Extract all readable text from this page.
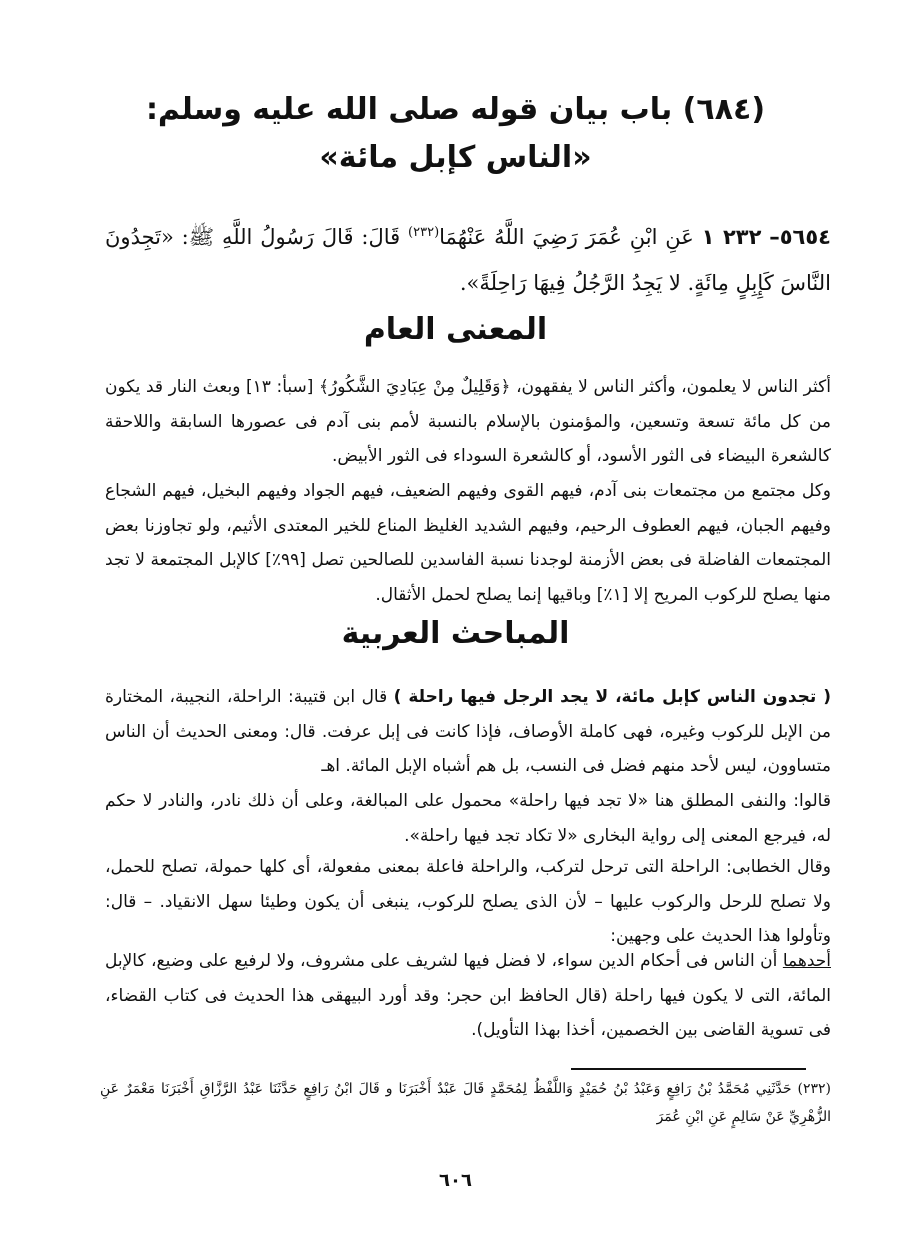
(٦٨٤) باب بيان قوله صلى الله عليه وسلم:
«الناس كإبل مائة»
٥٦٥٤– ٢٣٢ ١ عَنِ ابْنِ عُمَرَ رَضِيَ اللَّهُ عَنْهُمَا$^{(٢٣٢)}$ قَالَ: قَالَ رَسُولُ اللَّهِ ﷺ: «تَجِدُونَ النَّاسَ كَإِبِلٍ مِائَةٍ. لا يَجِدُ الرَّجُلُ فِيهَا رَاحِلَةً».
المعنى العام
أكثر الناس لا يعلمون، وأكثر الناس لا يفقهون، ﴿وَقَلِيلٌ مِنْ عِبَادِيَ الشَّكُورُ﴾ [سبأ: ١٣] وبعث النار قد يكون من كل مائة تسعة وتسعين، والمؤمنون بالإسلام بالنسبة لأمم بنى آدم فى عصورها السابقة واللاحقة كالشعرة البيضاء فى الثور الأسود، أو كالشعرة السوداء فى الثور الأبيض.
وكل مجتمع من مجتمعات بنى آدم، فيهم القوى وفيهم الضعيف، فيهم الجواد وفيهم البخيل، فيهم الشجاع وفيهم الجبان، فيهم العطوف الرحيم، وفيهم الشديد الغليظ المناع للخير المعتدى الأثيم، ولو تجاوزنا بعض المجتمعات الفاضلة فى بعض الأزمنة لوجدنا نسبة الفاسدين للصالحين تصل [٩٩٪] كالإبل المجتمعة لا تجد منها يصلح للركوب المريح إلا [١٪] وباقيها إنما يصلح لحمل الأثقال.
المباحث العربية
( تجدون الناس كإبل مائة، لا يجد الرجل فيها راحلة ) قال ابن قتيبة: الراحلة، النجيبة، المختارة من الإبل للركوب وغيره، فهى كاملة الأوصاف، فإذا كانت فى إبل عرفت. قال: ومعنى الحديث أن الناس متساوون، ليس لأحد منهم فضل فى النسب، بل هم أشباه الإبل المائة. اهـ
قالوا: والنفى المطلق هنا «لا تجد فيها راحلة» محمول على المبالغة، وعلى أن ذلك نادر، والنادر لا حكم له، فيرجع المعنى إلى رواية البخارى «لا تكاد تجد فيها راحلة».
وقال الخطابى: الراحلة التى ترحل لتركب، والراحلة فاعلة بمعنى مفعولة، أى كلها حمولة، تصلح للحمل، ولا تصلح للرحل والركوب عليها – لأن الذى يصلح للركوب، ينبغى أن يكون وطيئا سهل الانقياد. – قال: وتأولوا هذا الحديث على وجهين:
أحدهما أن الناس فى أحكام الدين سواء، لا فضل فيها لشريف على مشروف، ولا لرفيع على وضيع، كالإبل المائة، التى لا يكون فيها راحلة (قال الحافظ ابن حجر: وقد أورد البيهقى هذا الحديث فى كتاب القضاء، فى تسوية القاضى بين الخصمين، أخذا بهذا التأويل).
(٢٣٢) حَدَّثَنِي مُحَمَّدُ بْنُ رَافِعٍ وَعَبْدُ بْنُ حُمَيْدٍ وَاللَّفْظُ لِمُحَمَّدٍ قَالَ عَبْدٌ أَخْبَرَنَا و قَالَ ابْنُ رَافِعٍ حَدَّثَنَا عَبْدُ الرَّزَّاقِ أَخْبَرَنَا مَعْمَرٌ عَنِ الزُّهْرِيِّ عَنْ سَالِمٍ عَنِ ابْنِ عُمَرَ
٦٠٦
